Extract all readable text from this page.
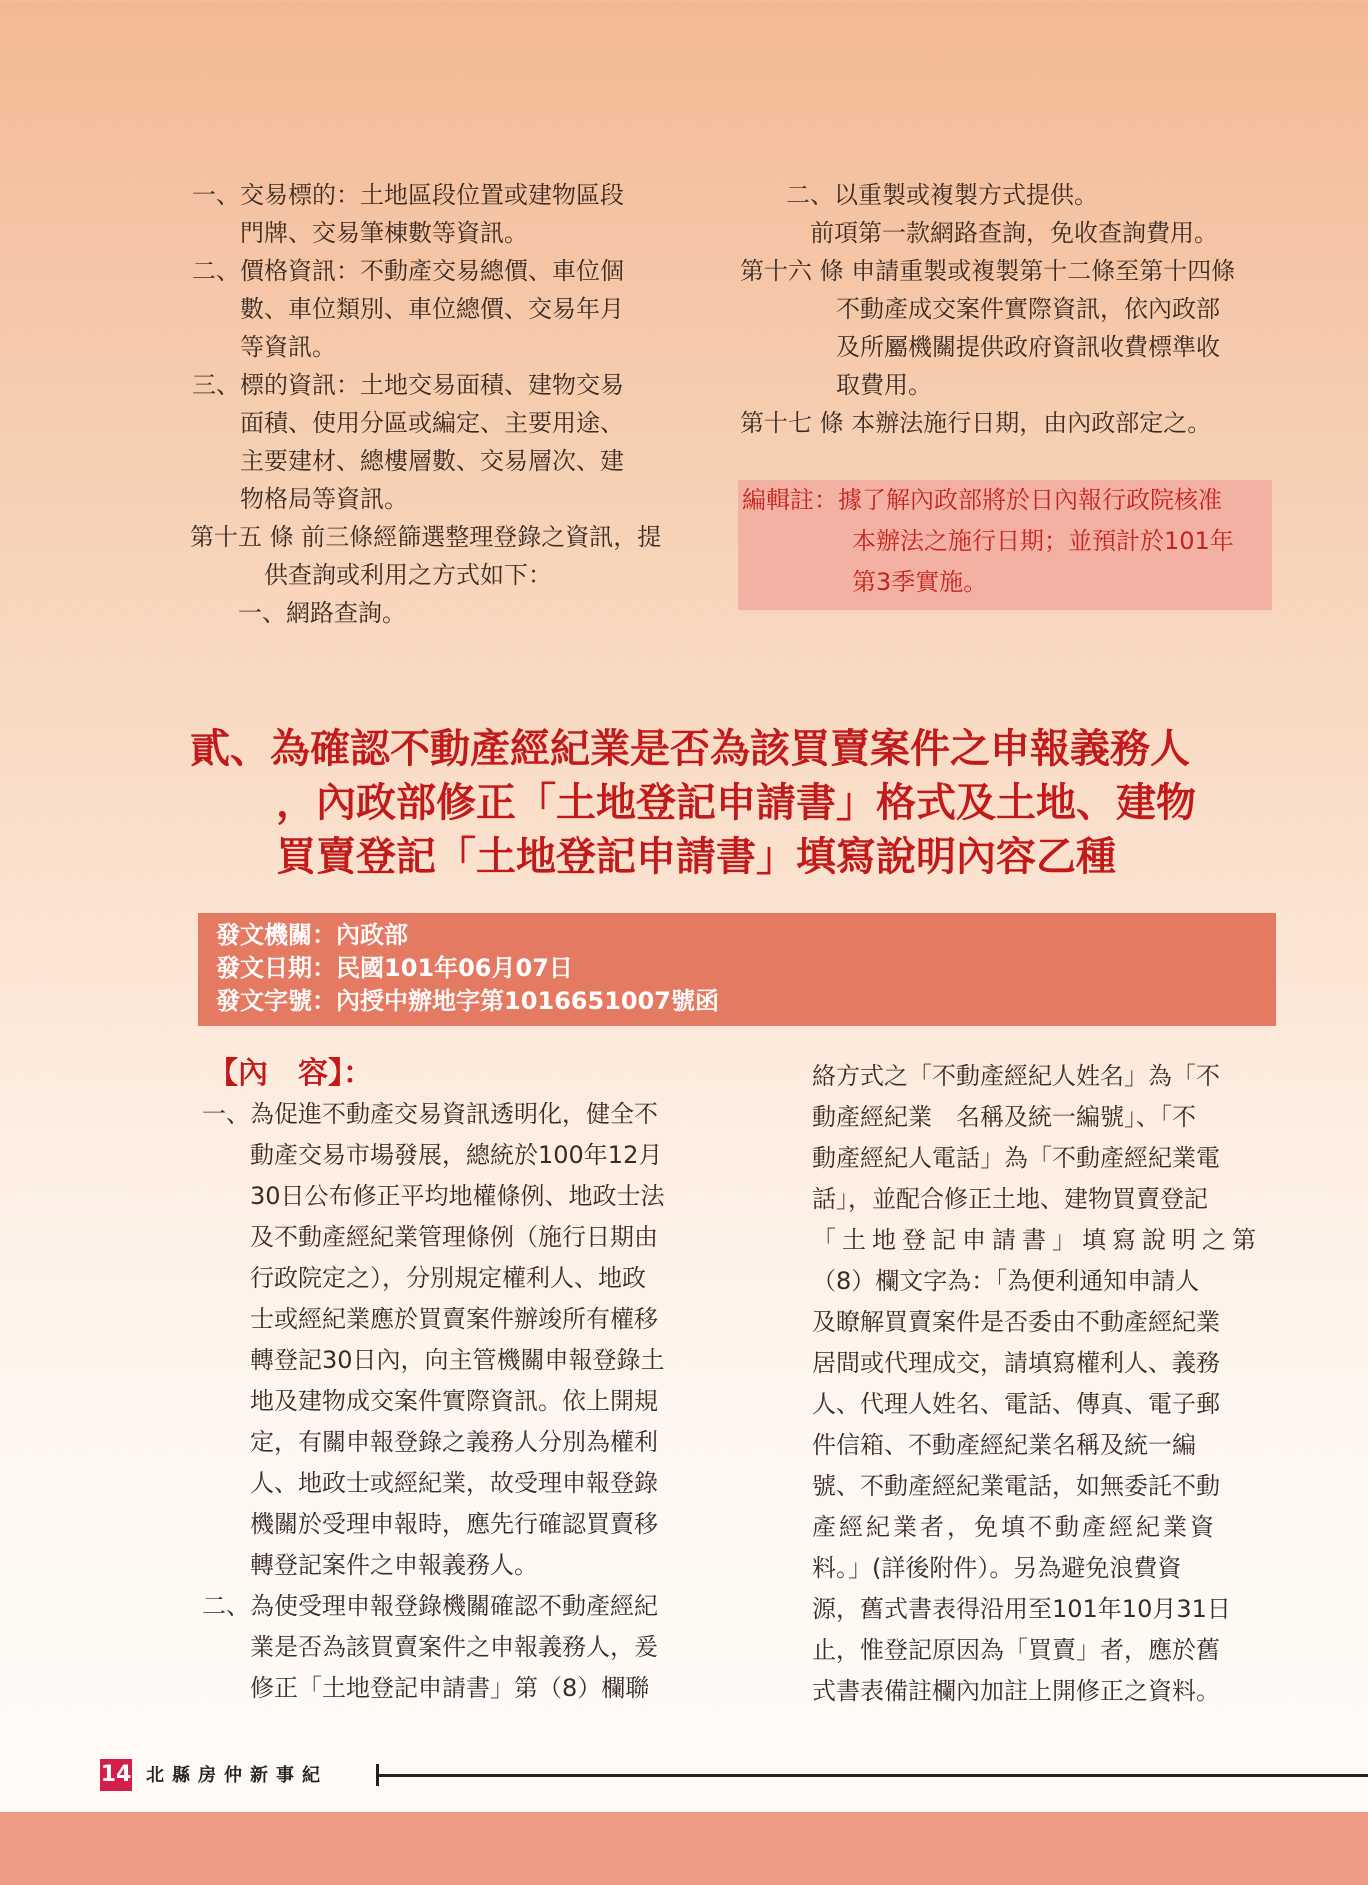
一、交易標的：土地區段位置或建物區段
　　門牌、交易筆棟數等資訊。
二、價格資訊：不動產交易總價、車位個
　　數、車位類別、車位總價、交易年月
　　等資訊。
三、標的資訊：土地交易面積、建物交易
　　面積、使用分區或編定、主要用途、
　　主要建材、總樓層數、交易層次、建
　　物格局等資訊。
第十五 條 前三條經篩選整理登錄之資訊，提
　　　供查詢或利用之方式如下：
一、網路查詢。
二、以重製或複製方式提供。
　前項第一款網路查詢，免收查詢費用。
第十六 條 申請重製或複製第十二條至第十四條
　　　　不動產成交案件實際資訊，依內政部
　　　　及所屬機關提供政府資訊收費標準收
　　　　取費用。
第十七 條 本辦法施行日期，由內政部定之。
編輯註：據了解內政部將於日內報行政院核准
本辦法之施行日期；並預計於101年
第3季實施。
貳、為確認不動產經紀業是否為該買賣案件之申報義務人
，內政部修正「土地登記申請書」格式及土地、建物
買賣登記「土地登記申請書」填寫說明內容乙種
發文機關：內政部
發文日期：民國101年06月07日
發文字號：內授中辦地字第1016651007號函
【內　容】：
一、為促進不動產交易資訊透明化，健全不
　　動產交易市場發展，總統於100年12月
　　30日公布修正平均地權條例、地政士法
　　及不動產經紀業管理條例（施行日期由
　　行政院定之），分別規定權利人、地政
　　士或經紀業應於買賣案件辦竣所有權移
　　轉登記30日內，向主管機關申報登錄土
　　地及建物成交案件實際資訊。依上開規
　　定，有關申報登錄之義務人分別為權利
　　人、地政士或經紀業，故受理申報登錄
　　機關於受理申報時，應先行確認買賣移
　　轉登記案件之申報義務人。
二、為使受理申報登錄機關確認不動產經紀
　　業是否為該買賣案件之申報義務人，爰
　　修正「土地登記申請書」第（8）欄聯
絡方式之「不動產經紀人姓名」為「不
動產經紀業　名稱及統一編號」、「不
動產經紀人電話」為「不動產經紀業電
話」，並配合修正土地、建物買賣登記
「土地登記申請書」填寫說明之第
（8）欄文字為：「為便利通知申請人
及瞭解買賣案件是否委由不動產經紀業
居間或代理成交，請填寫權利人、義務
人、代理人姓名、電話、傳真、電子郵
件信箱、不動產經紀業名稱及統一編
號、不動產經紀業電話，如無委託不動
產經紀業者，免填不動產經紀業資
料。」(詳後附件）。另為避免浪費資
源，舊式書表得沿用至101年10月31日
止，惟登記原因為「買賣」者，應於舊
式書表備註欄內加註上開修正之資料。
14 北縣房仲新事紀
